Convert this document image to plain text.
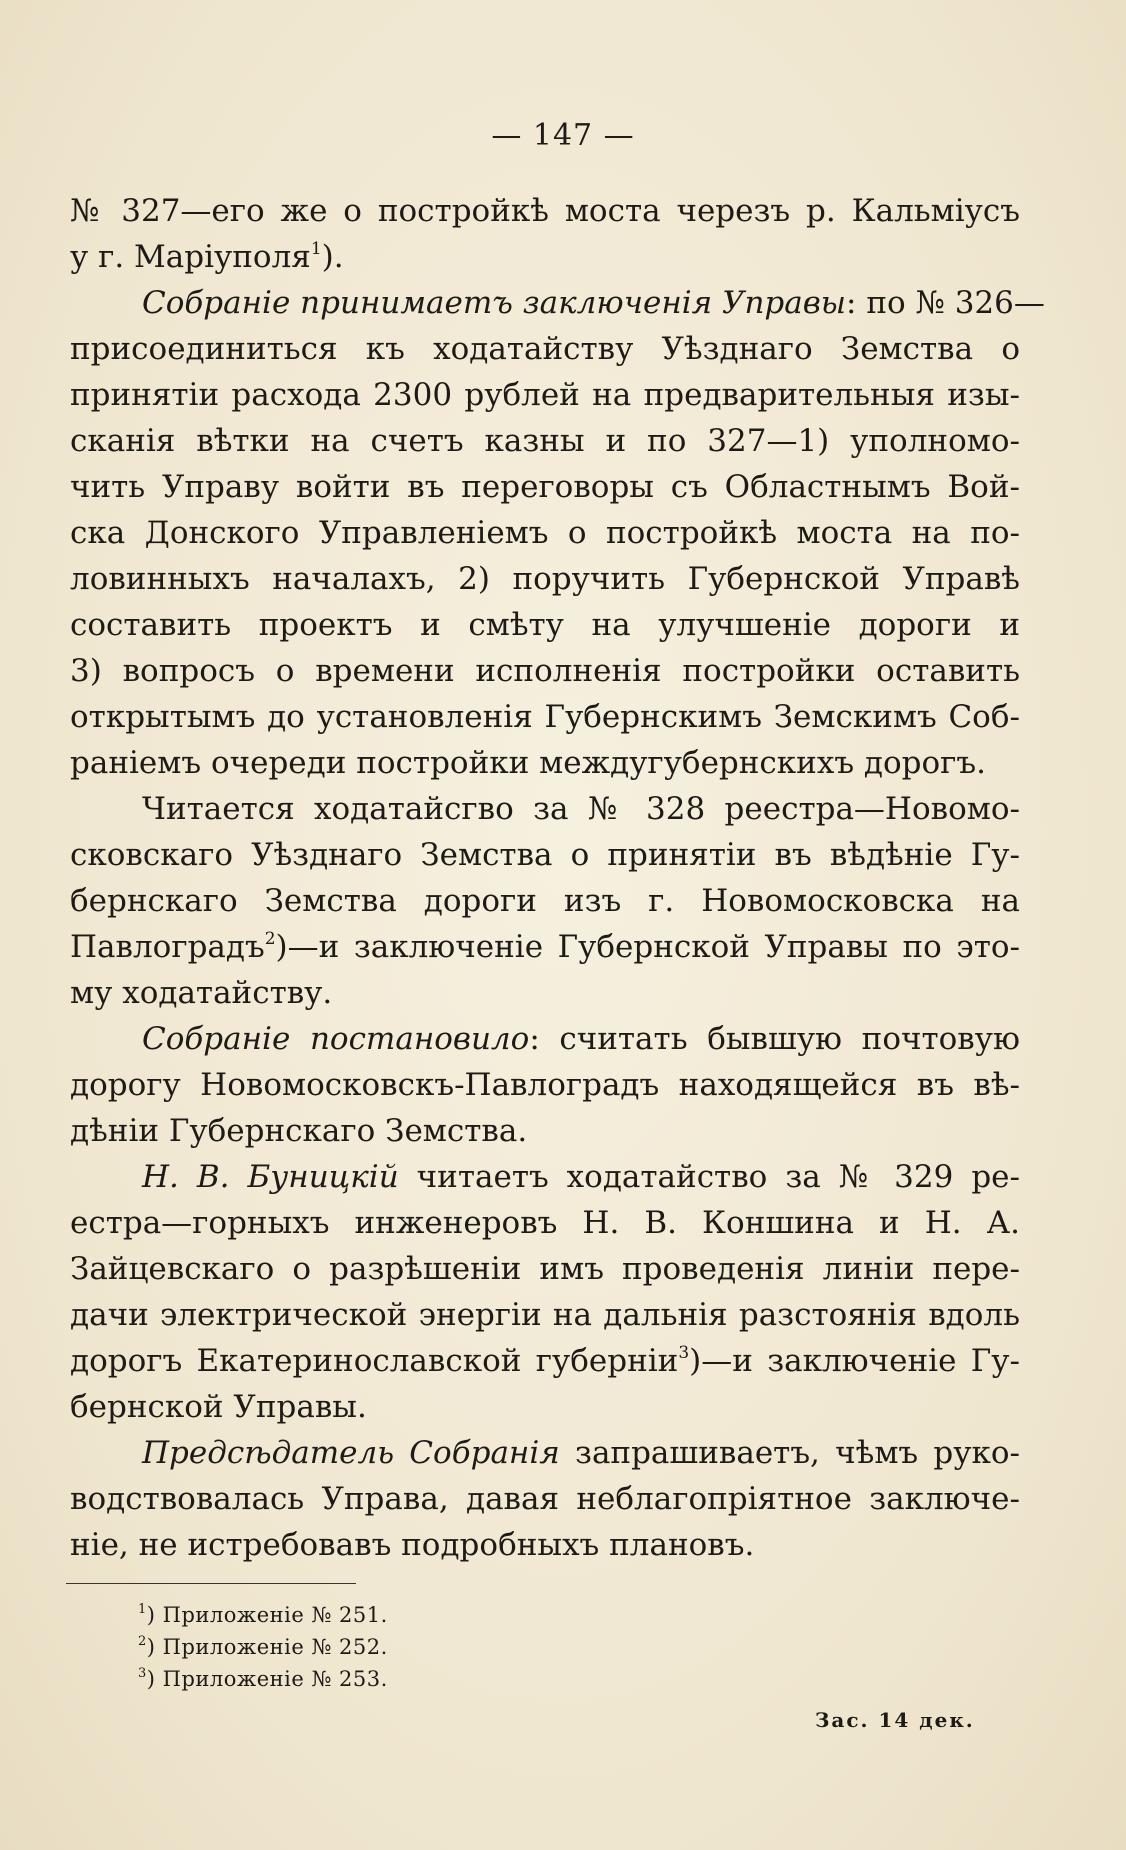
— 147 —
№ 327—его же о постройкѣ моста черезъ р. Кальміусъ
у г. Маріуполя$^1$).
Собраніе принимаетъ заключенія Управы: по № 326—
присоединиться къ ходатайству Уѣзднаго Земства о
принятіи расхода 2300 рублей на предварительныя изы-
сканія вѣтки на счетъ казны и по 327—1) уполномо-
чить Управу войти въ переговоры съ Областнымъ Вой-
ска Донского Управленіемъ о постройкѣ моста на по-
ловинныхъ началахъ, 2) поручить Губернской Управѣ
составить проектъ и смѣту на улучшеніе дороги и
3) вопросъ о времени исполненія постройки оставить
открытымъ до установленія Губернскимъ Земскимъ Соб-
раніемъ очереди постройки междугубернскихъ дорогъ.
Читается ходатайсгво за № 328 реестра—Новомо-
сковскаго Уѣзднаго Земства о принятіи въ вѣдѣніе Гу-
бернскаго Земства дороги изъ г. Новомосковска на
Павлоградъ$^2$)—и заключеніе Губернской Управы по это-
му ходатайству.
Собраніе постановило: считать бывшую почтовую
дорогу Новомосковскъ-Павлоградъ находящейся въ вѣ-
дѣніи Губернскаго Земства.
Н. В. Буницкій читаетъ ходатайство за № 329 ре-
естра—горныхъ инженеровъ Н. В. Коншина и Н. А.
Зайцевскаго о разрѣшеніи имъ проведенія линіи пере-
дачи электрической энергіи на дальнія разстоянія вдоль
дорогъ Екатеринославской губерніи$^3$)—и заключеніе Гу-
бернской Управы.
Предсѣдатель Собранія запрашиваетъ, чѣмъ руко-
водствовалась Управа, давая неблагопріятное заключе-
ніе, не истребовавъ подробныхъ плановъ.
$^1$) Приложеніе № 251.
$^2$) Приложеніе № 252.
$^3$) Приложеніе № 253.
Зас. 14 дек.
